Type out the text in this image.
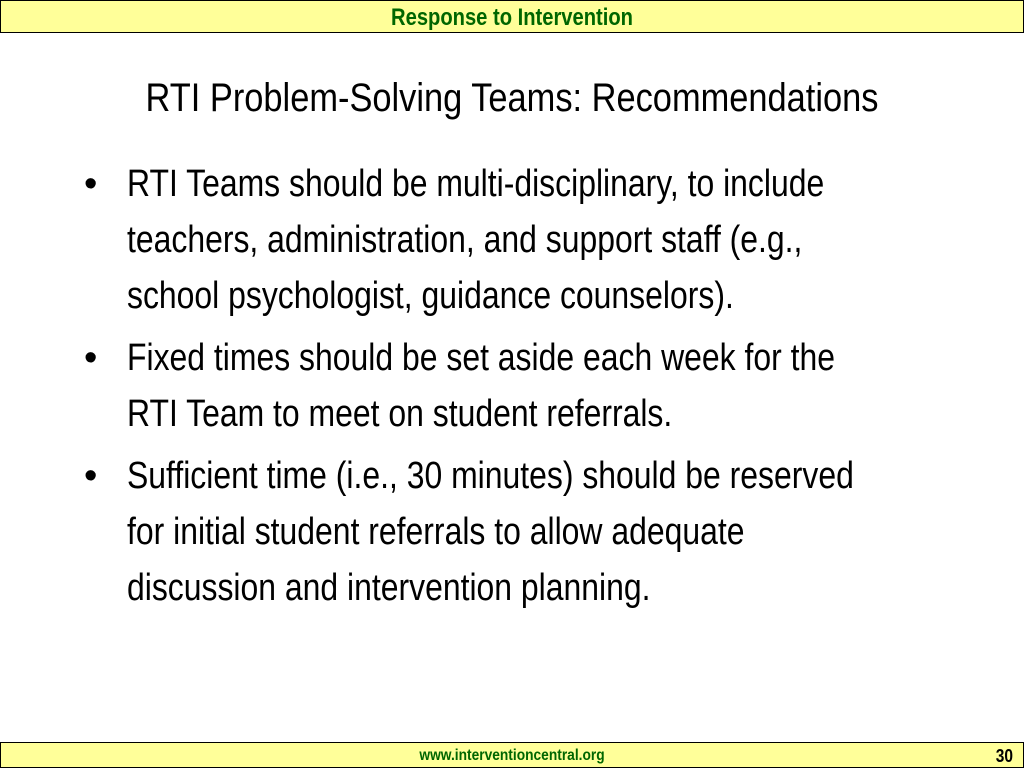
Response to Intervention
RTI Problem-Solving Teams: Recommendations
• RTI Teams should be multi-disciplinary, to include teachers, administration, and support staff (e.g., school psychologist, guidance counselors).
• Fixed times should be set aside each week for the RTI Team to meet on student referrals.
• Sufficient time (i.e., 30 minutes) should be reserved for initial student referrals to allow adequate discussion and intervention planning.
www.interventioncentral.org	30
